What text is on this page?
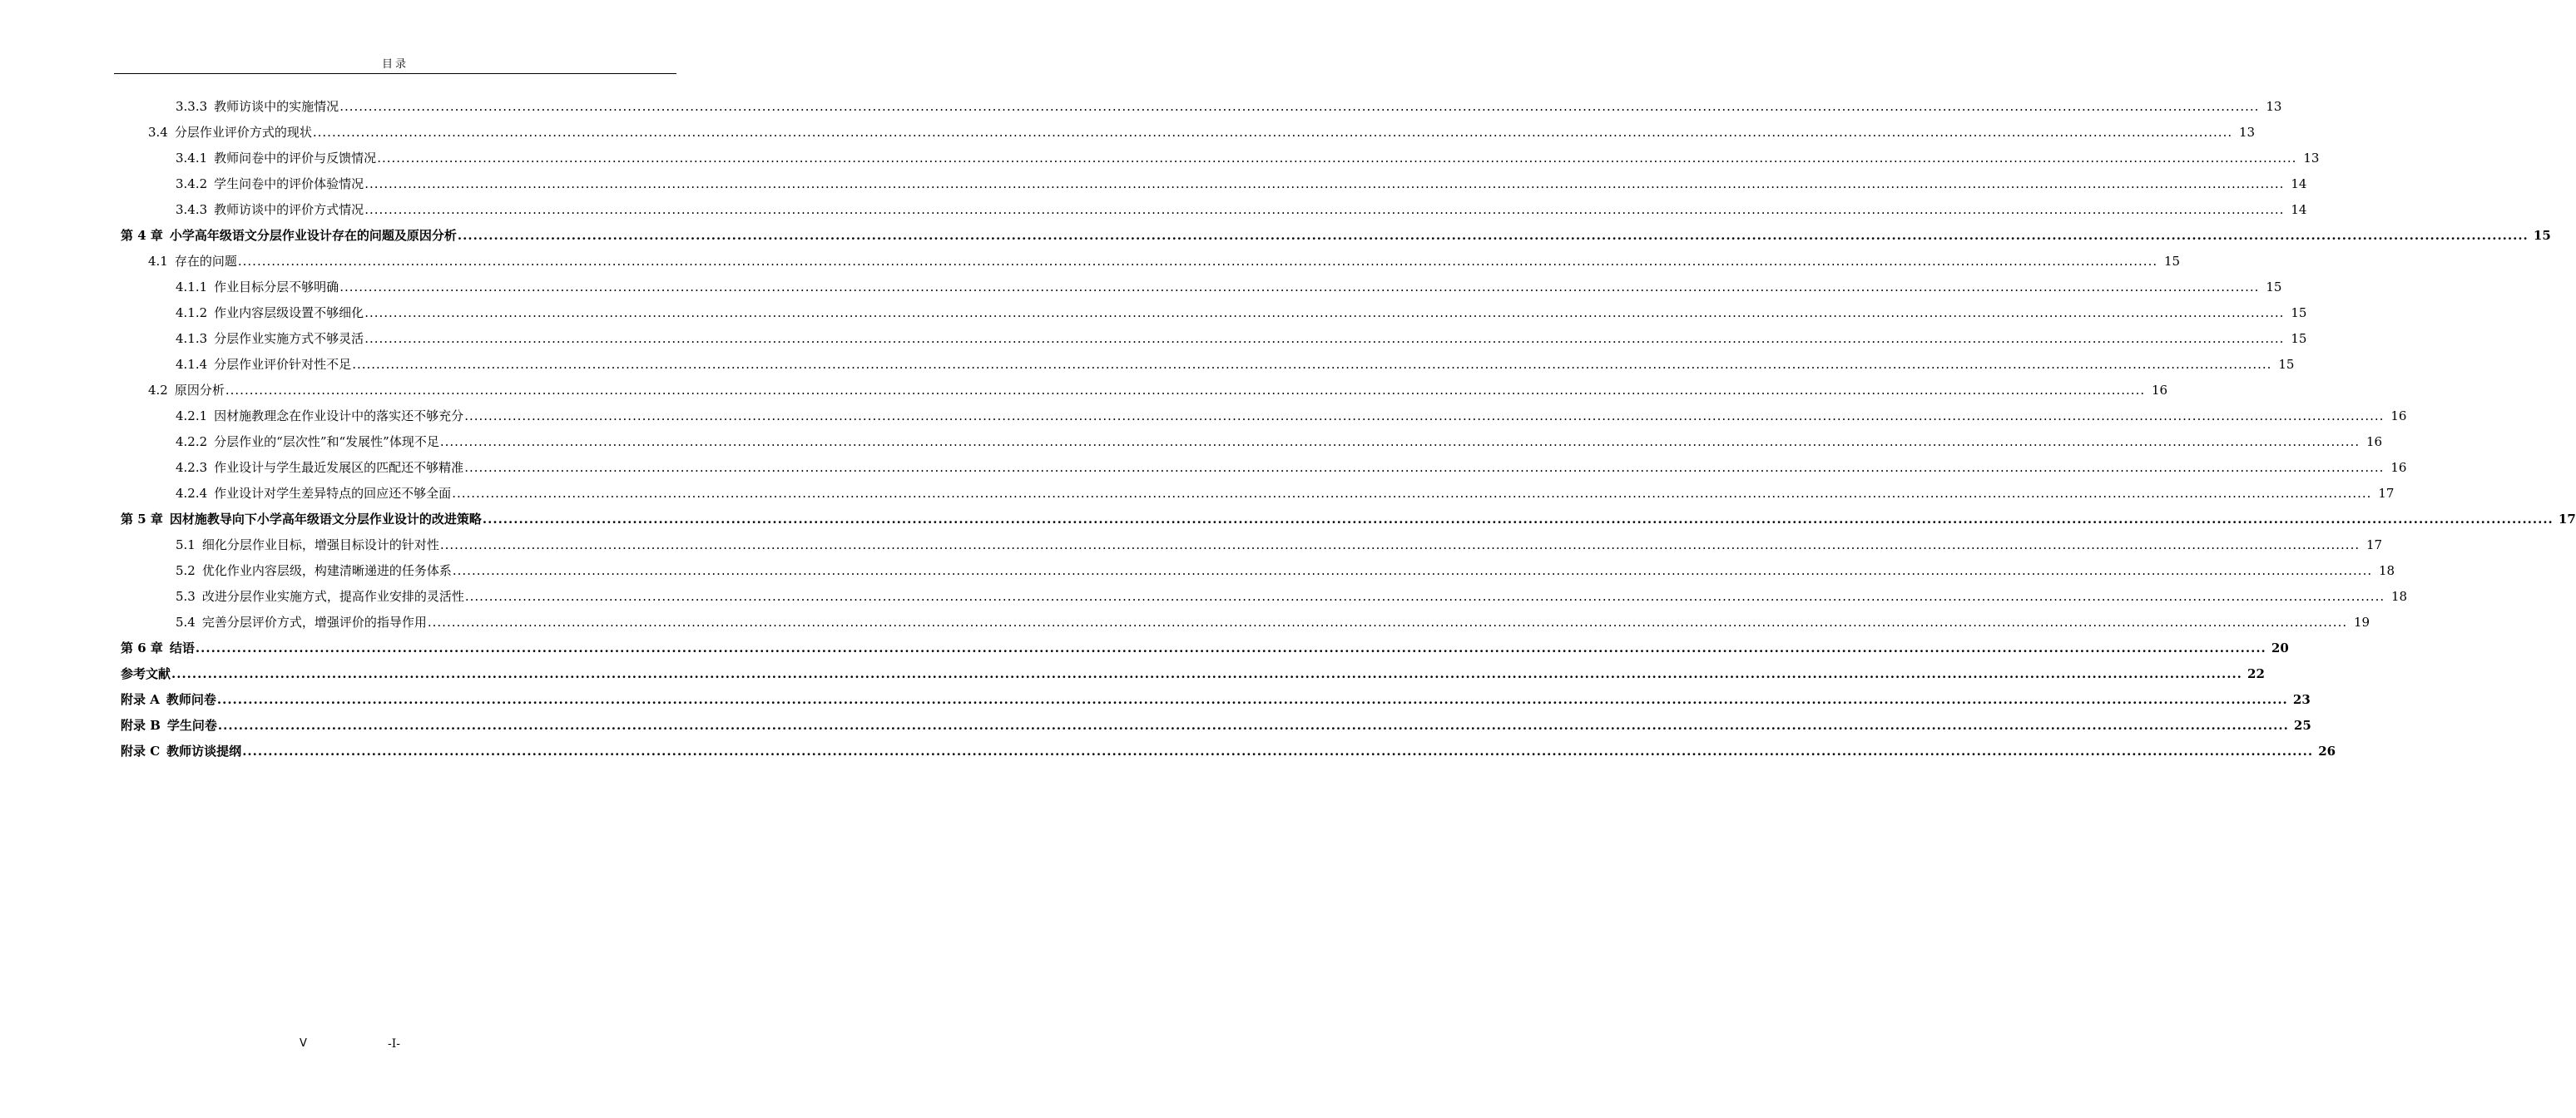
目录
3.3.3 教师访谈中的实施情况 ................................................................................................................................................................................................................................................................................................................................................................................................................ 13
3.4 分层作业评价方式的现状 ................................................................................................................................................................................................................................................................................................................................................................................................................ 13
3.4.1 教师问卷中的评价与反馈情况 ................................................................................................................................................................................................................................................................................................................................................................................................................ 13
3.4.2 学生问卷中的评价体验情况 ................................................................................................................................................................................................................................................................................................................................................................................................................ 14
3.4.3 教师访谈中的评价方式情况 ................................................................................................................................................................................................................................................................................................................................................................................................................ 14
第 4 章 小学高年级语文分层作业设计存在的问题及原因分析 ................................................................................................................................................................................................................................................................................................................................................................................................................ 15
4.1 存在的问题 ................................................................................................................................................................................................................................................................................................................................................................................................................ 15
4.1.1 作业目标分层不够明确 ................................................................................................................................................................................................................................................................................................................................................................................................................ 15
4.1.2 作业内容层级设置不够细化 ................................................................................................................................................................................................................................................................................................................................................................................................................ 15
4.1.3 分层作业实施方式不够灵活 ................................................................................................................................................................................................................................................................................................................................................................................................................ 15
4.1.4 分层作业评价针对性不足 ................................................................................................................................................................................................................................................................................................................................................................................................................ 15
4.2 原因分析 ................................................................................................................................................................................................................................................................................................................................................................................................................ 16
4.2.1 因材施教理念在作业设计中的落实还不够充分 ................................................................................................................................................................................................................................................................................................................................................................................................................ 16
4.2.2 分层作业的“层次性”和“发展性”体现不足 ................................................................................................................................................................................................................................................................................................................................................................................................................ 16
4.2.3 作业设计与学生最近发展区的匹配还不够精准 ................................................................................................................................................................................................................................................................................................................................................................................................................ 16
4.2.4 作业设计对学生差异特点的回应还不够全面 ................................................................................................................................................................................................................................................................................................................................................................................................................ 17
第 5 章 因材施教导向下小学高年级语文分层作业设计的改进策略 ................................................................................................................................................................................................................................................................................................................................................................................................................ 17
5.1 细化分层作业目标，增强目标设计的针对性 ................................................................................................................................................................................................................................................................................................................................................................................................................ 17
5.2 优化作业内容层级，构建清晰递进的任务体系 ................................................................................................................................................................................................................................................................................................................................................................................................................ 18
5.3 改进分层作业实施方式，提高作业安排的灵活性 ................................................................................................................................................................................................................................................................................................................................................................................................................ 18
5.4 完善分层评价方式，增强评价的指导作用 ................................................................................................................................................................................................................................................................................................................................................................................................................ 19
第 6 章 结语 ................................................................................................................................................................................................................................................................................................................................................................................................................ 20
参考文献 ................................................................................................................................................................................................................................................................................................................................................................................................................ 22
附录 A 教师问卷 ................................................................................................................................................................................................................................................................................................................................................................................................................ 23
附录 B 学生问卷 ................................................................................................................................................................................................................................................................................................................................................................................................................ 25
附录 C 教师访谈提纲 ................................................................................................................................................................................................................................................................................................................................................................................................................ 26
V	-I-
